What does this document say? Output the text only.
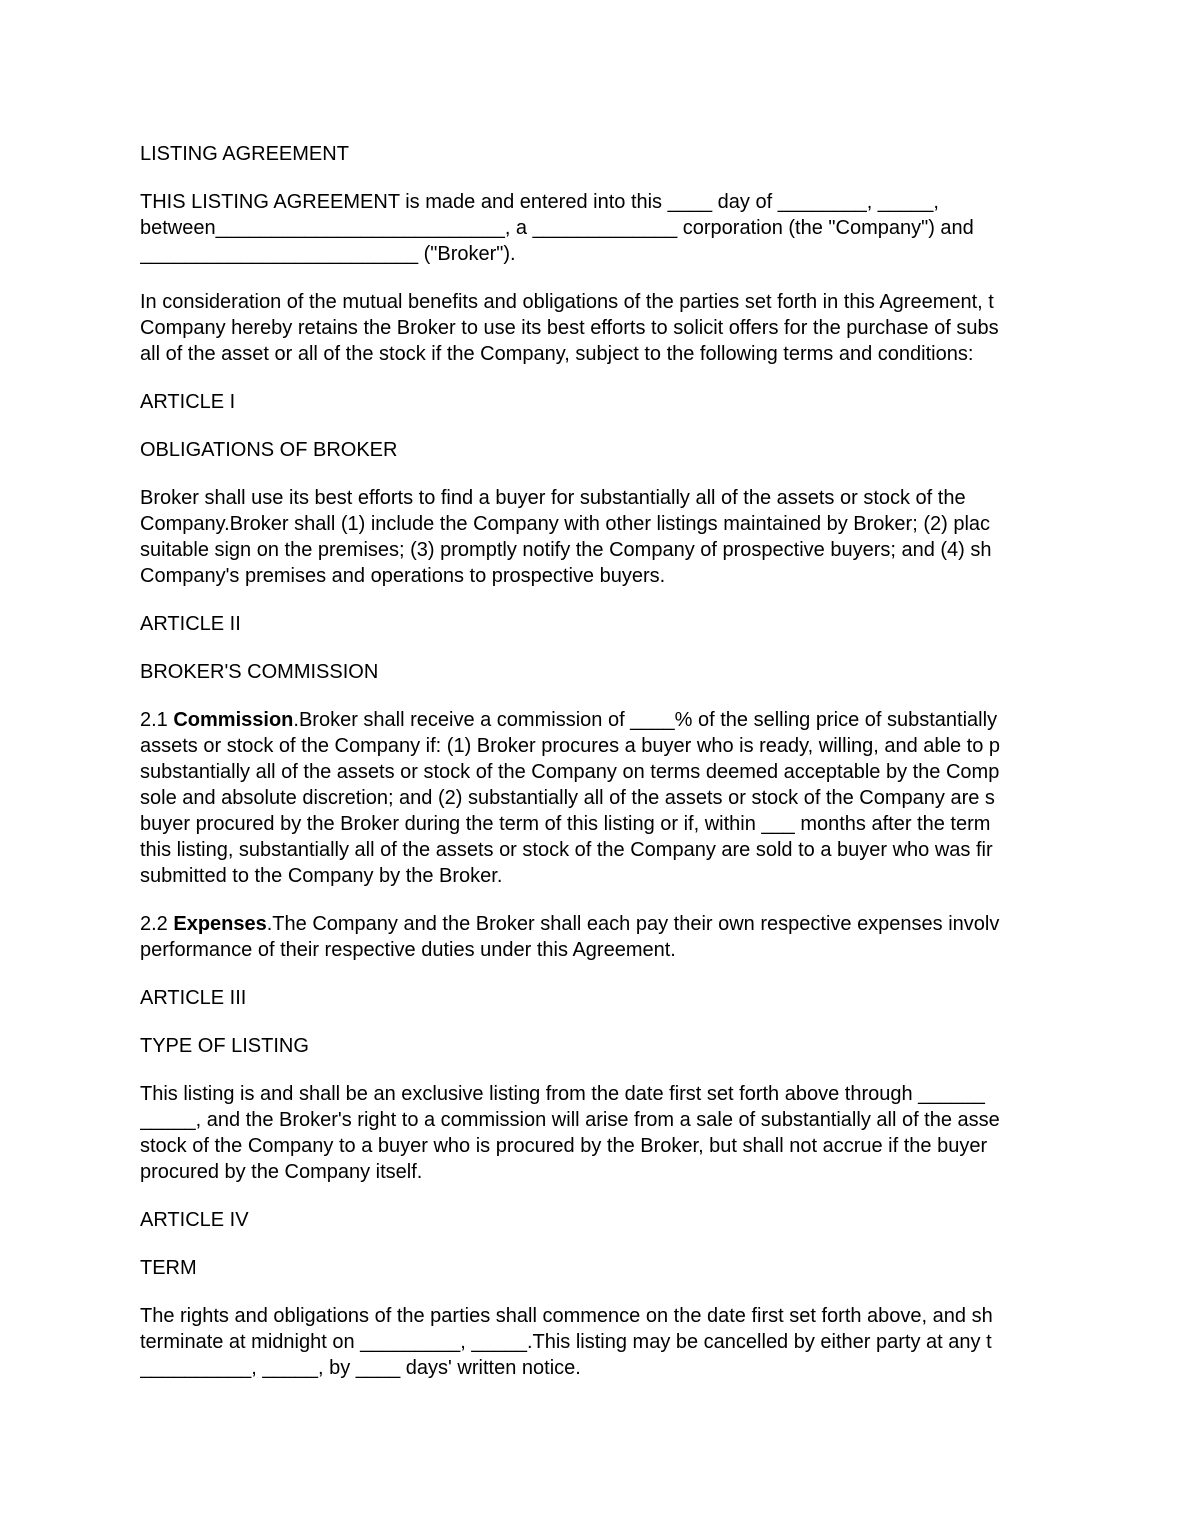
LISTING AGREEMENT
THIS LISTING AGREEMENT is made and entered into this ____ day of ________, _____,
between__________________________, a _____________ corporation (the "Company") and
_________________________ ("Broker").
In consideration of the mutual benefits and obligations of the parties set forth in this Agreement, t
Company hereby retains the Broker to use its best efforts to solicit offers for the purchase of subs
all of the asset or all of the stock if the Company, subject to the following terms and conditions:
ARTICLE I
OBLIGATIONS OF BROKER
Broker shall use its best efforts to find a buyer for substantially all of the assets or stock of the
Company.Broker shall (1) include the Company with other listings maintained by Broker; (2) plac
suitable sign on the premises; (3) promptly notify the Company of prospective buyers; and (4) sh
Company's premises and operations to prospective buyers.
ARTICLE II
BROKER'S COMMISSION
2.1 Commission.Broker shall receive a commission of ____% of the selling price of substantially
assets or stock of the Company if: (1) Broker procures a buyer who is ready, willing, and able to p
substantially all of the assets or stock of the Company on terms deemed acceptable by the Comp
sole and absolute discretion; and (2) substantially all of the assets or stock of the Company are s
buyer procured by the Broker during the term of this listing or if, within ___ months after the term
this listing, substantially all of the assets or stock of the Company are sold to a buyer who was fir
submitted to the Company by the Broker.
2.2 Expenses.The Company and the Broker shall each pay their own respective expenses involv
performance of their respective duties under this Agreement.
ARTICLE III
TYPE OF LISTING
This listing is and shall be an exclusive listing from the date first set forth above through ______
_____, and the Broker's right to a commission will arise from a sale of substantially all of the asse
stock of the Company to a buyer who is procured by the Broker, but shall not accrue if the buyer
procured by the Company itself.
ARTICLE IV
TERM
The rights and obligations of the parties shall commence on the date first set forth above, and sh
terminate at midnight on _________, _____.This listing may be cancelled by either party at any t
__________, _____, by ____ days' written notice.
